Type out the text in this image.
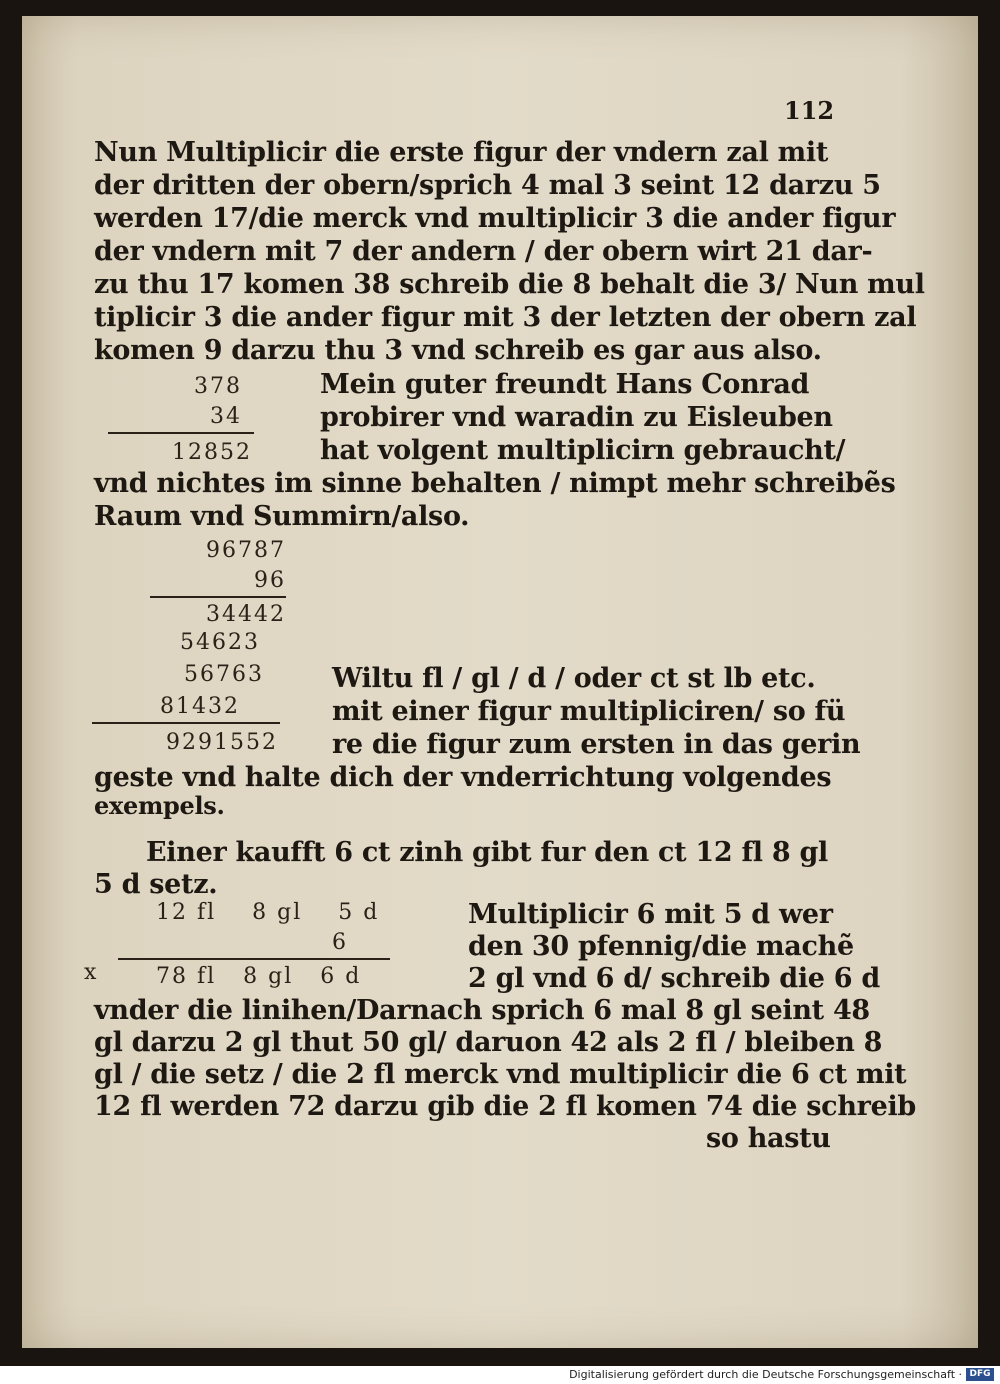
112
Nun Multiplicir die erste figur der vndern zal mit
der dritten der obern/sprich 4 mal 3 seint 12 darzu 5
werden 17/die merck vnd multiplicir 3 die ander figur
der vndern mit 7 der andern / der obern wirt 21 dar-
zu thu 17 komen 38 schreib die 8 behalt die 3/ Nun mul
tiplicir 3 die ander figur mit 3 der letzten der obern zal
komen 9 darzu thu 3 vnd schreib es gar aus also.
378
34
12852
Mein guter freundt Hans Conrad
probirer vnd waradin zu Eisleuben
hat volgent multiplicirn gebraucht/
vnd nichtes im sinne behalten / nimpt mehr schreibẽs
Raum vnd Summirn/also.
96787
96
34442
54623
56763
81432
9291552
Wiltu fl / gl / d / oder ct st lb etc.
mit einer figur multipliciren/ so fü
re die figur zum ersten in das gerin
geste vnd halte dich der vnderrichtung volgendes
exempels.
Einer kaufft 6 ct zinh gibt fur den ct 12 fl 8 gl
5 d setz.
12 fl    8 gl    5 d
6
x	78 fl   8 gl   6 d
Multiplicir 6 mit 5 d wer
den 30 pfennig/die machẽ
2 gl vnd 6 d/ schreib die 6 d
vnder die linihen/Darnach sprich 6 mal 8 gl seint 48
gl darzu 2 gl thut 50 gl/ daruon 42 als 2 fl / bleiben 8
gl / die setz / die 2 fl merck vnd multiplicir die 6 ct mit
12 fl werden 72 darzu gib die 2 fl komen 74 die schreib
so hastu
Digitalisierung gefördert durch die Deutsche Forschungsgemeinschaft · DFG
